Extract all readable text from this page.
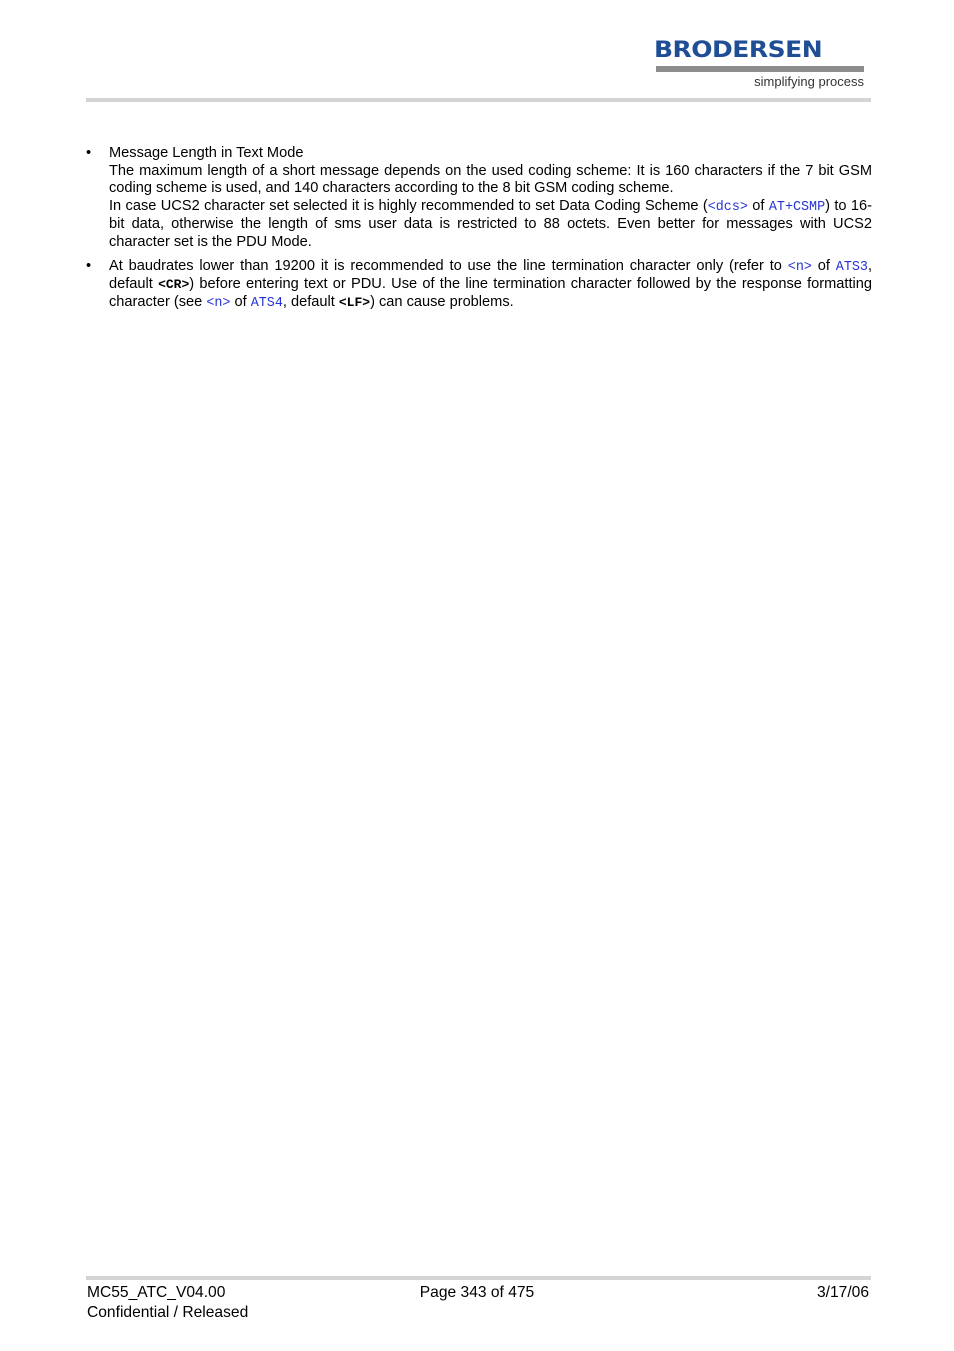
BRODERSEN
simplifying process
• Message Length in Text Mode
The maximum length of a short message depends on the used coding scheme: It is 160 characters if the 7 bit GSM coding scheme is used, and 140 characters according to the 8 bit GSM coding scheme.
In case UCS2 character set selected it is highly recommended to set Data Coding Scheme (<dcs> of AT+CSMP) to 16-bit data, otherwise the length of sms user data is restricted to 88 octets. Even better for messages with UCS2 character set is the PDU Mode.
• At baudrates lower than 19200 it is recommended to use the line termination character only (refer to <n> of ATS3, default <CR>) before entering text or PDU. Use of the line termination character followed by the response formatting character (see <n> of ATS4, default <LF>) can cause problems.
MC55_ATC_V04.00
Confidential / Released
Page 343 of 475	3/17/06
